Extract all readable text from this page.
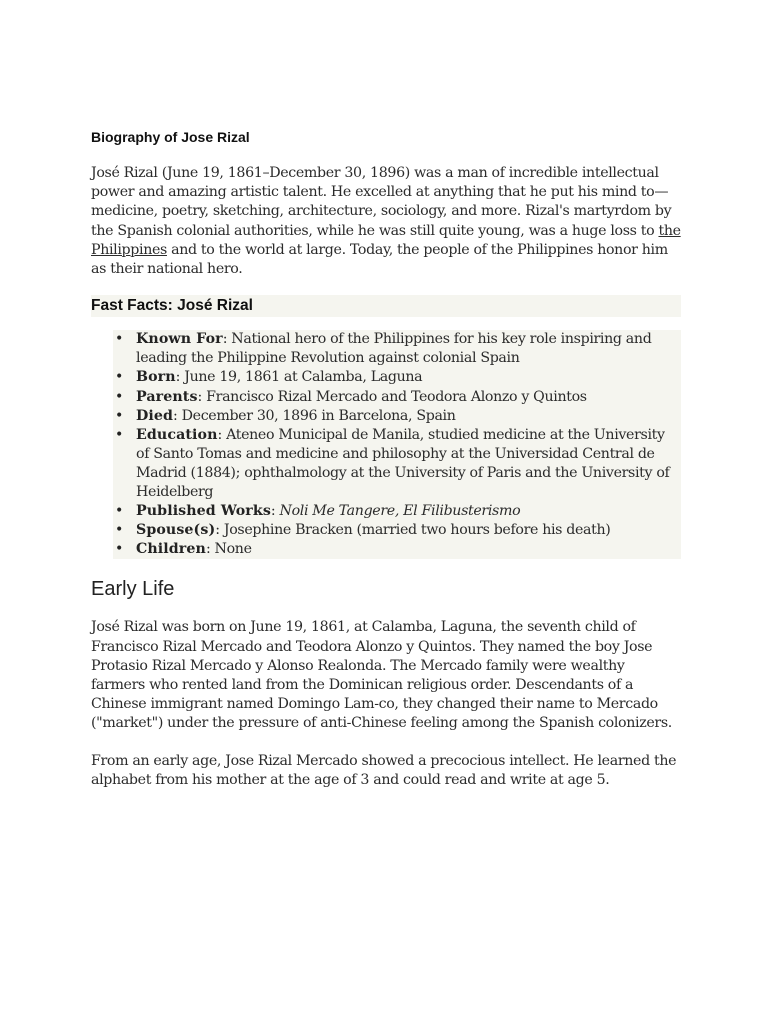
Biography of Jose Rizal

José Rizal (June 19, 1861–December 30, 1896) was a man of incredible intellectual power and amazing artistic talent. He excelled at anything that he put his mind to—medicine, poetry, sketching, architecture, sociology, and more. Rizal's martyrdom by the Spanish colonial authorities, while he was still quite young, was a huge loss to the Philippines and to the world at large. Today, the people of the Philippines honor him as their national hero.

Fast Facts: José Rizal
• Known For: National hero of the Philippines for his key role inspiring and leading the Philippine Revolution against colonial Spain
• Born: June 19, 1861 at Calamba, Laguna
• Parents: Francisco Rizal Mercado and Teodora Alonzo y Quintos
• Died: December 30, 1896 in Barcelona, Spain
• Education: Ateneo Municipal de Manila, studied medicine at the University of Santo Tomas and medicine and philosophy at the Universidad Central de Madrid (1884); ophthalmology at the University of Paris and the University of Heidelberg
• Published Works: Noli Me Tangere, El Filibusterismo
• Spouse(s): Josephine Bracken (married two hours before his death)
• Children: None
Early Life

José Rizal was born on June 19, 1861, at Calamba, Laguna, the seventh child of Francisco Rizal Mercado and Teodora Alonzo y Quintos. They named the boy Jose Protasio Rizal Mercado y Alonso Realonda. The Mercado family were wealthy farmers who rented land from the Dominican religious order. Descendants of a Chinese immigrant named Domingo Lam-co, they changed their name to Mercado ("market") under the pressure of anti-Chinese feeling among the Spanish colonizers.

From an early age, Jose Rizal Mercado showed a precocious intellect. He learned the alphabet from his mother at the age of 3 and could read and write at age 5.
